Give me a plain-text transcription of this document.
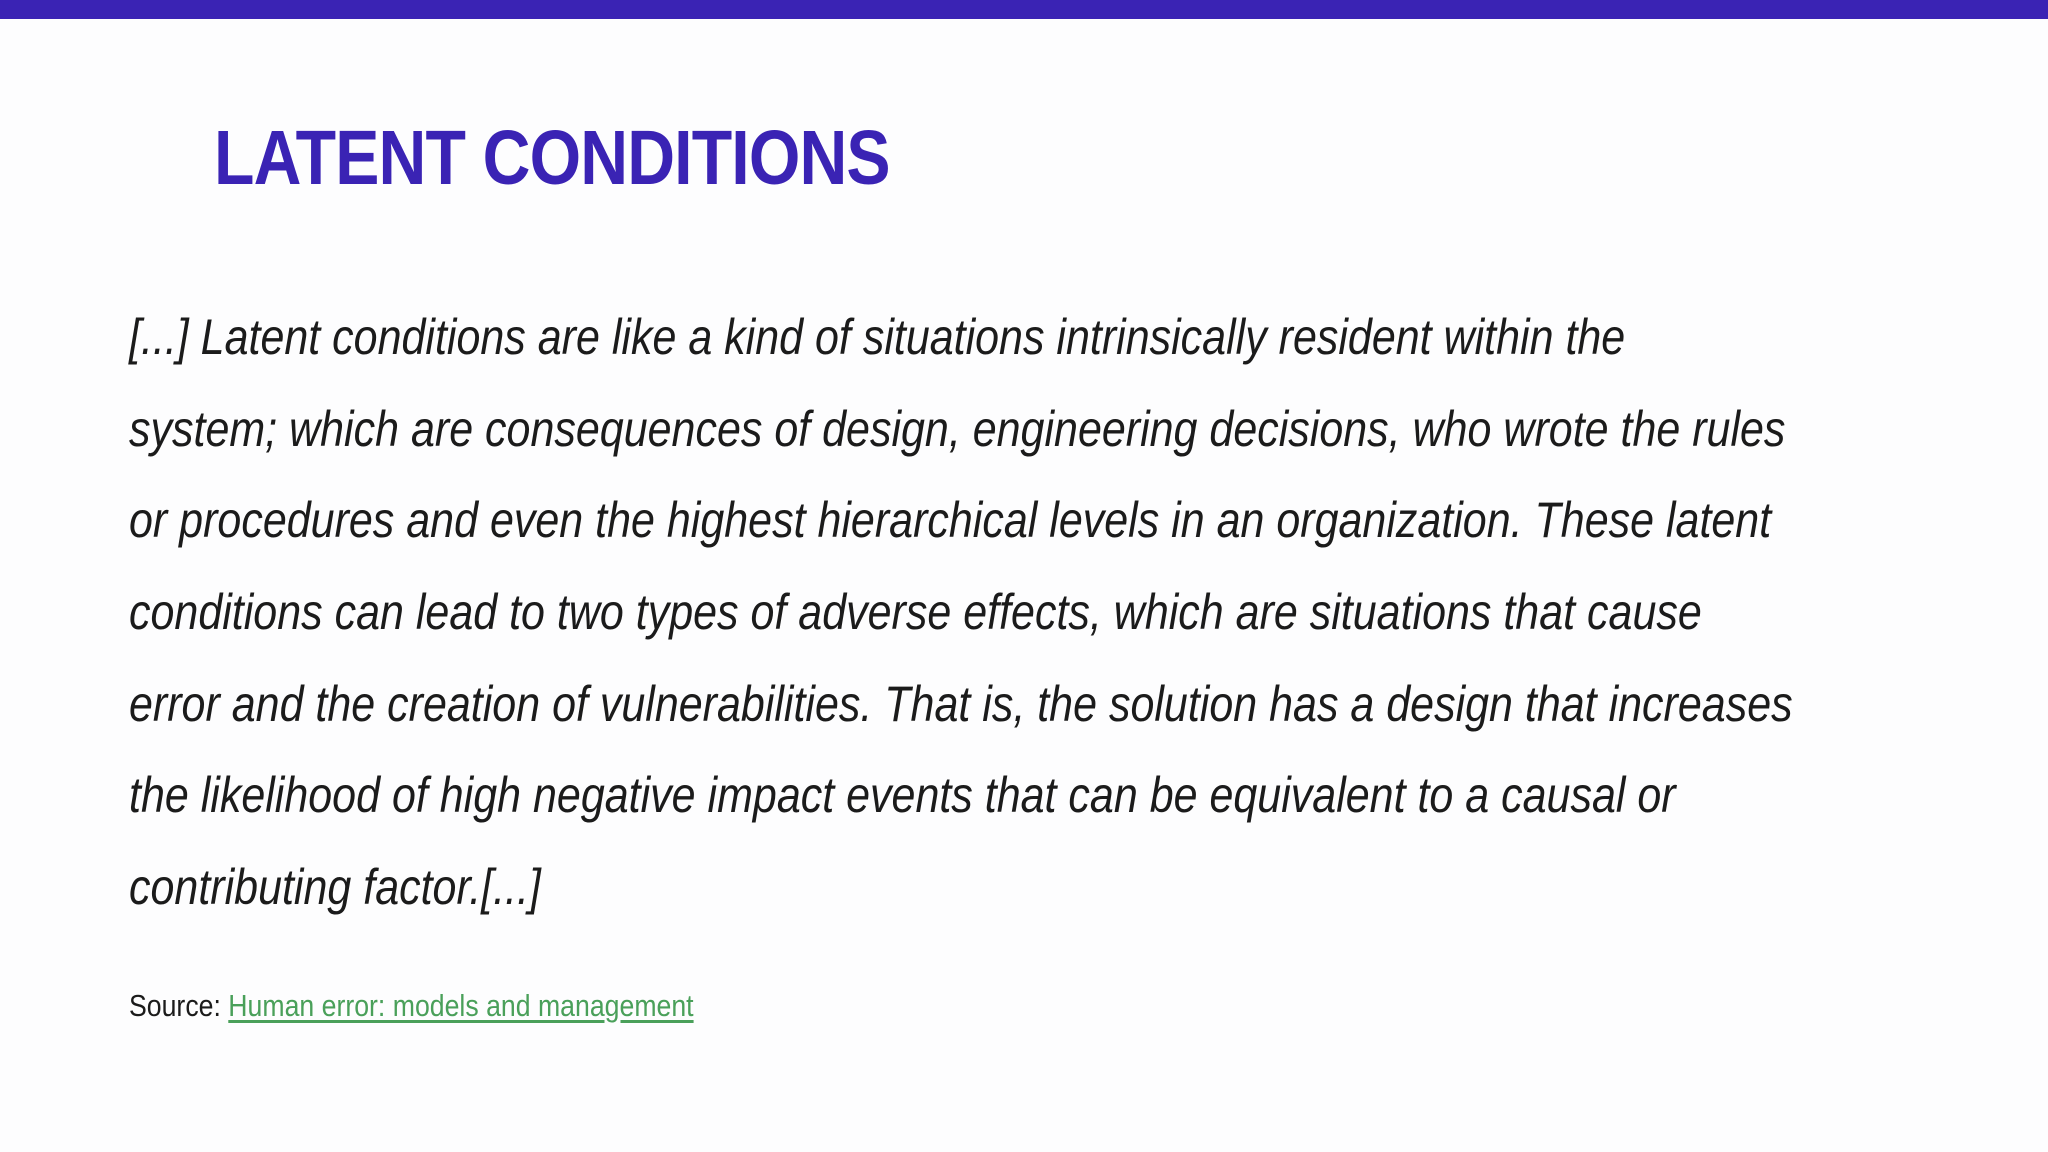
LATENT CONDITIONS
[...] Latent conditions are like a kind of situations intrinsically resident within the
system; which are consequences of design, engineering decisions, who wrote the rules
or procedures and even the highest hierarchical levels in an organization. These latent
conditions can lead to two types of adverse effects, which are situations that cause
error and the creation of vulnerabilities. That is, the solution has a design that increases
the likelihood of high negative impact events that can be equivalent to a causal or
contributing factor.[...]
Source: Human error: models and management
